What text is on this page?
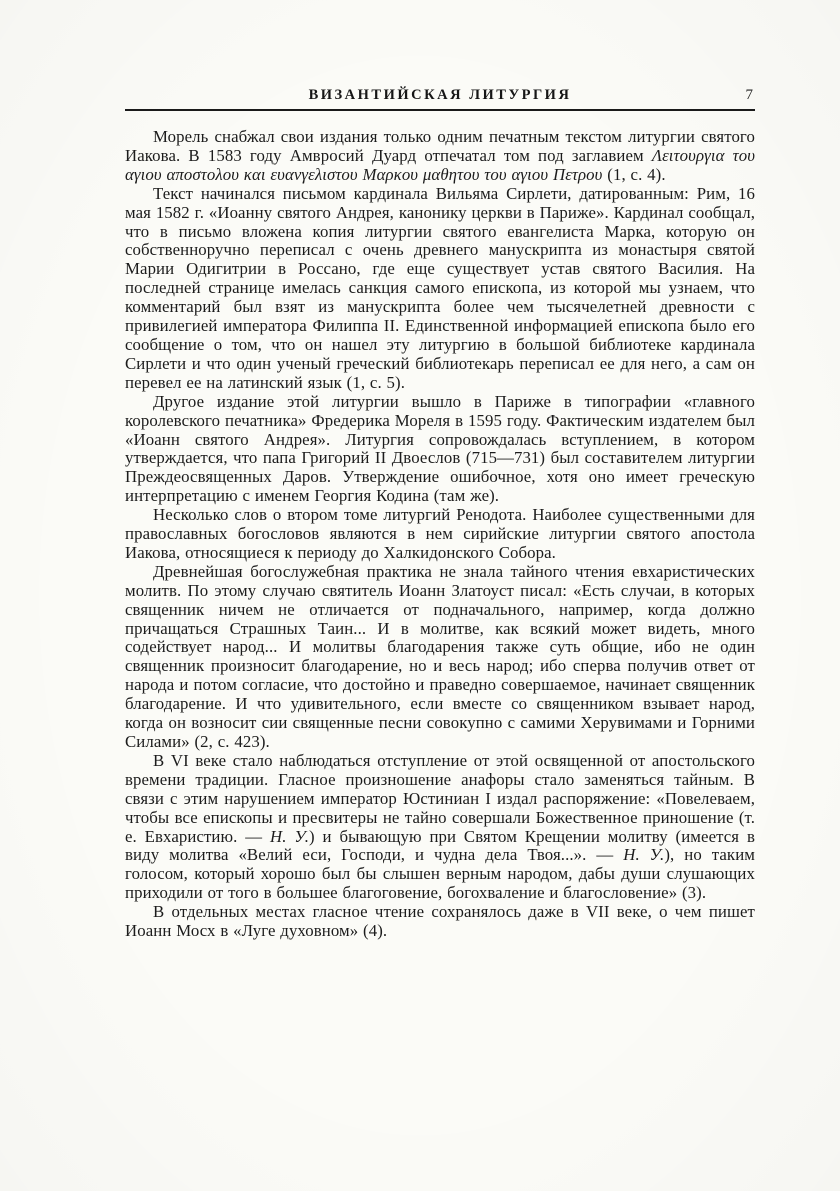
ВИЗАНТИЙСКАЯ ЛИТУРГИЯ	7

Морель снабжал свои издания только одним печатным текстом литургии святого Иакова. В 1583 году Амвросий Дуард отпечатал том под заглавием Λειτουργια του αγιου αποστολου και ευανγελιστου Μαρκου μαθητου του αγιου Πετρου (1, с. 4).

Текст начинался письмом кардинала Вильяма Сирлети, датированным: Рим, 16 мая 1582 г. «Иоанну святого Андрея, канонику церкви в Париже». Кардинал сообщал, что в письмо вложена копия литургии святого евангелиста Марка, которую он собственноручно переписал с очень древнего манускрипта из монастыря святой Марии Одигитрии в Россано, где еще существует устав святого Василия. На последней странице имелась санкция самого епископа, из которой мы узнаем, что комментарий был взят из манускрипта более чем тысячелетней древности с привилегией императора Филиппа II. Единственной информацией епископа было его сообщение о том, что он нашел эту литургию в большой библиотеке кардинала Сирлети и что один ученый греческий библиотекарь переписал ее для него, а сам он перевел ее на латинский язык (1, с. 5).

Другое издание этой литургии вышло в Париже в типографии «главного королевского печатника» Фредерика Мореля в 1595 году. Фактическим издателем был «Иоанн святого Андрея». Литургия сопровождалась вступлением, в котором утверждается, что папа Григорий II Двоеслов (715—731) был составителем литургии Преждеосвященных Даров. Утверждение ошибочное, хотя оно имеет греческую интерпретацию с именем Георгия Кодина (там же).

Несколько слов о втором томе литургий Ренодота. Наиболее существенными для православных богословов являются в нем сирийские литургии святого апостола Иакова, относящиеся к периоду до Халкидонского Собора.

Древнейшая богослужебная практика не знала тайного чтения евхаристических молитв. По этому случаю святитель Иоанн Златоуст писал: «Есть случаи, в которых священник ничем не отличается от подначального, например, когда должно причащаться Страшных Таин... И в молитве, как всякий может видеть, много содействует народ... И молитвы благодарения также суть общие, ибо не один священник произносит благодарение, но и весь народ; ибо сперва получив ответ от народа и потом согласие, что достойно и праведно совершаемое, начинает священник благодарение. И что удивительного, если вместе со священником взывает народ, когда он возносит сии священные песни совокупно с самими Херувимами и Горними Силами» (2, с. 423).

В VI веке стало наблюдаться отступление от этой освященной от апостольского времени традиции. Гласное произношение анафоры стало заменяться тайным. В связи с этим нарушением император Юстиниан I издал распоряжение: «Повелеваем, чтобы все епископы и пресвитеры не тайно совершали Божественное приношение (т. е. Евхаристию. — Н. У.) и бывающую при Святом Крещении молитву (имеется в виду молитва «Велий еси, Господи, и чудна дела Твоя...». — Н. У.), но таким голосом, который хорошо был бы слышен верным народом, дабы души слушающих приходили от того в большее благоговение, богохваление и благословение» (3).

В отдельных местах гласное чтение сохранялось даже в VII веке, о чем пишет Иоанн Мосх в «Луге духовном» (4).
